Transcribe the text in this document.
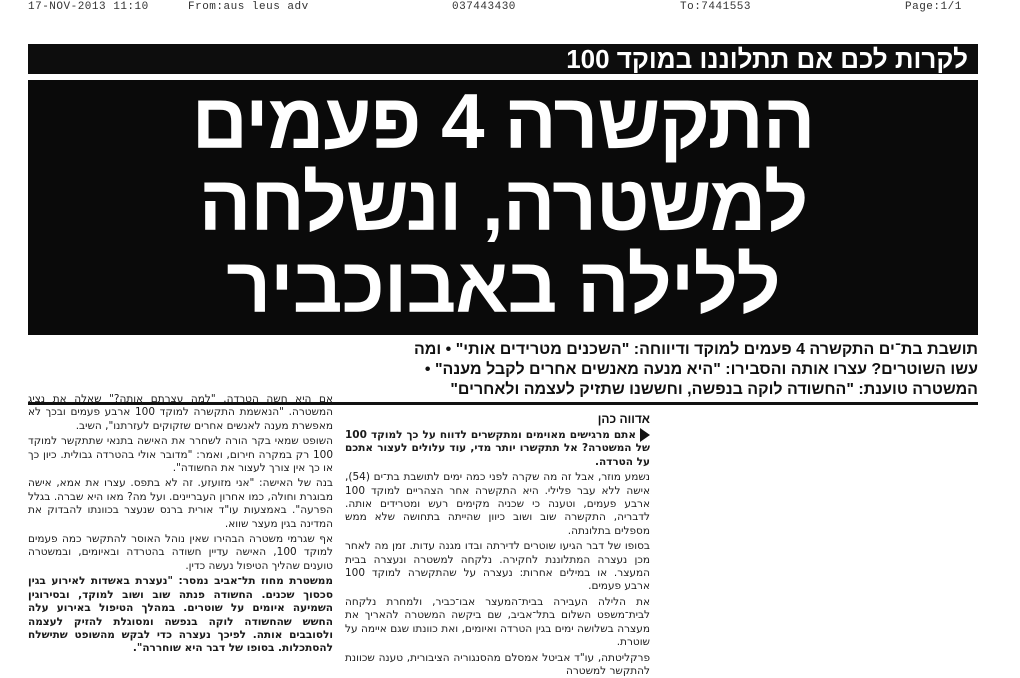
17-NOV-2013 11:10	From:aus leus adv	037443430	To:7441553	Page:1/1
לקרות לכם אם תתלוננו במוקד 100
התקשרה 4 פעמים
למשטרה, ונשלחה
ללילה באבוכביר
תושבת בת־ים התקשרה 4 פעמים למוקד ודיווחה: "השכנים מטרידים אותי" • ומה
עשו השוטרים? עצרו אותה והסבירו: "היא מנעה מאנשים אחרים לקבל מענה" •
המשטרה טוענת: "החשודה לוקה בנפשה, וחששנו שתזיק לעצמה ולאחרים"
אדווה כהן

אתם מרגישים מאוימים ומתקשרים לדווח על כך למוקד 100 של המשטרה? אל תתקשרו יותר מדי, עוד עלולים לעצור אתכם על הטרדה.

נשמע מוזר, אבל זה מה שקרה לפני כמה ימים לתושבת בת־ים (54), אישה ללא עבר פלילי. היא התקשרה אחר הצהריים למוקד 100 ארבע פעמים, וטענה כי שכניה מקימים רעש ומטרידים אותה. לדבריה, התקשרה שוב ושוב כיוון שהייתה בתחושה שלא ממש מספלים בתלונתה.

בסופו של דבר הגיעו שוטרים לדירתה ובדו מגנה עדות. זמן מה לאחר מכן נעצרה המתלוננת לחקירה. נלקחה למשטרה ונעצרה בבית המעצר. או במילים אחרות: נעצרה על שהתקשרה למוקד 100 ארבע פעמים.

את הלילה העבירה בבית־המעצר אבו־כביר, ולמחרת נלקחה לבית־משפט השלום בתל־אביב, שם ביקשה המשטרה להאריך את מעצרה בשלושה ימים בגין הטרדה ואיומים, ואת כוונתו שגם איימה על שוטרת.

פרקליטתה, עו"ד אביטל אמסלם מהסנגוריה הציבורית, טענה שכוונת להתקשר למשטרה

אם היא חשה הטרדה. "למה עצרתם אותה?" שאלה את נציג המשטרה. "הנאשמת התקשרה למוקד 100 ארבע פעמים ובכך לא מאפשרת מענה לאנשים אחרים שזקוקים לעזרתנו", השיב.

השופט שמאי בקר הורה לשחרר את האישה בתנאי שתתקשר למוקד 100 רק במקרה חירום, ואמר: "מדובר אולי בהטרדה גבולית. כיון כך או כך אין צורך לעצור את החשודה".

בנה של האישה: "אני מזועזע. זה לא בתפס. עצרו את אמא, אישה מבוגרת וחולה, כמו אחרון העבריינים. ועל מה? מאו היא שברה. בגלל הפרעה". באמצעות עו"ד אורית ברנס שנעצר בכוונתו להבדוק את המדינה בגין מעצר שווא.

אף שגרמי משטרה הבהירו שאין נוהל האוסר להתקשר כמה פעמים למוקד 100, האישה עדיין חשודה בהטרדה ובאיומים, ובמשטרה טוענים שהליך הטיפול נעשה כדין.

ממשטרת מחוז תל־אביב נמסר: "נעצרת באשדות לאירוע בגין סכסוך שכנים. החשודה פנתה שוב ושוב למוקד, ובסירוגין השמיעה איומים על שוטרים. במהלך הטיפול באירוע עלה החשש שהחשודה לוקה בנפשה ומסוגלת להזיק לעצמה ולסובבים אותה. לפיכך נעצרה כדי לבקש מהשופט שתישלח להסתכלות. בסופו של דבר היא שוחררה".
